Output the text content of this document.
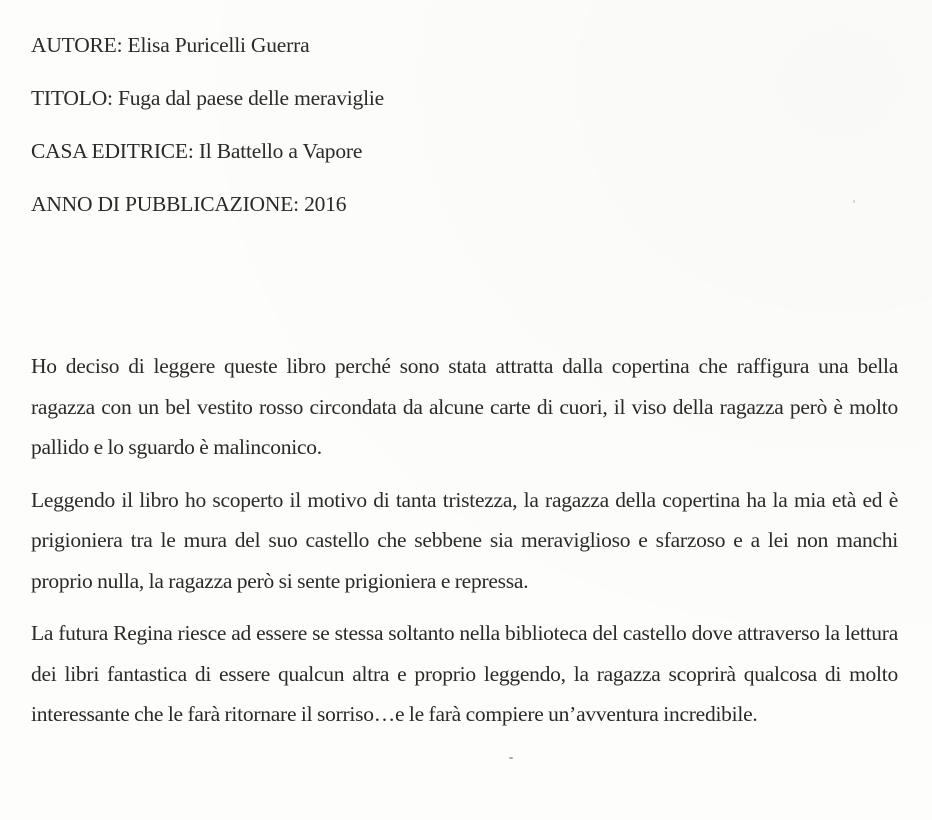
AUTORE: Elisa Puricelli Guerra
TITOLO: Fuga dal paese delle meraviglie
CASA EDITRICE: Il Battello a Vapore
ANNO DI PUBBLICAZIONE: 2016

Ho deciso di leggere queste libro perché sono stata attratta dalla copertina che raffigura una bella ragazza con un bel vestito rosso circondata da alcune carte di cuori, il viso della ragazza però è molto pallido e lo sguardo è malinconico.

Leggendo il libro ho scoperto il motivo di tanta tristezza, la ragazza della copertina ha la mia età ed è prigioniera tra le mura del suo castello che sebbene sia meraviglioso e sfarzoso e a lei non manchi proprio nulla, la ragazza però si sente prigioniera e repressa.

La futura Regina riesce ad essere se stessa soltanto nella biblioteca del castello dove attraverso la lettura dei libri fantastica di essere qualcun altra e proprio leggendo, la ragazza scoprirà qualcosa di molto interessante che le farà ritornare il sorriso…e le farà compiere un’avventura incredibile.
